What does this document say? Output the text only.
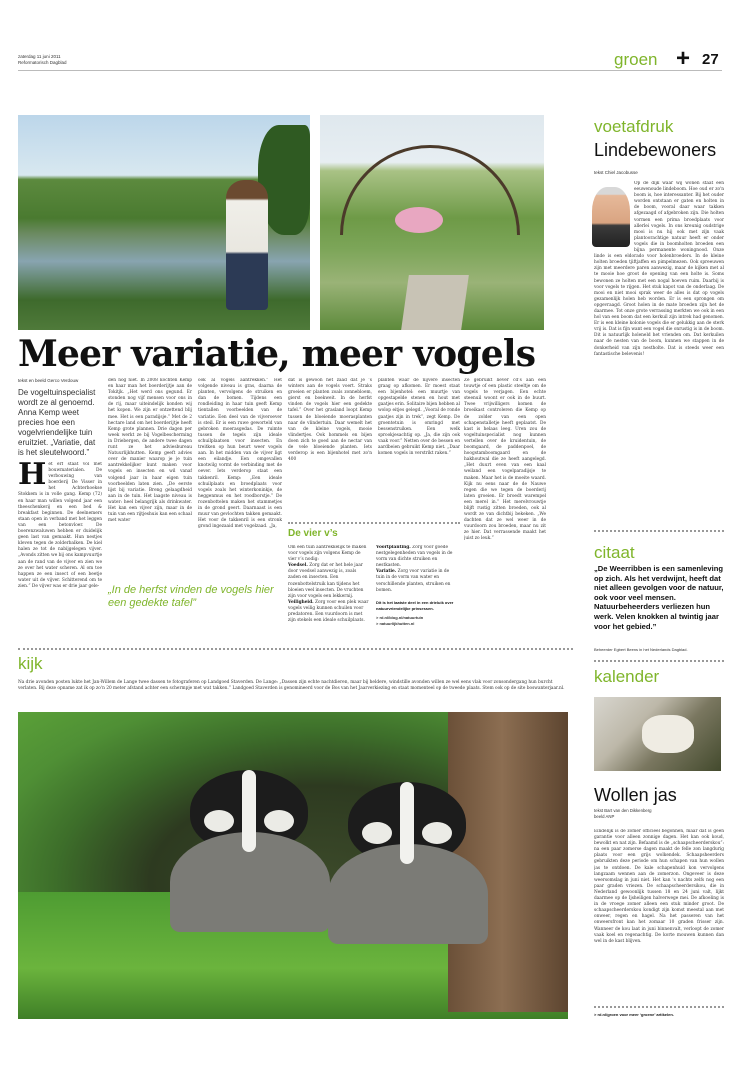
zaterdag 11 juni 2011
Reformatorisch Dagblad	groen + 27
Meer variatie, meer vogels
tekst en beeld Gerco Verdouw
De vogeltuinspecialist wordt ze al genoemd. Anna Kemp weet precies hoe een vogelvriendelijke tuin eruitziet. „Variatie, dat is het sleutelwoord.”
H et erf staat vol met bouwmaterialen. De verbouwing van boerderij De Visser in het Achterhoekse Stokkem is in volle gang. Kemp (72) en haar man willen volgend jaar een theeschenkerij en een bed & breakfast beginnen. De deelnemers staan open in verband met het leggen van een betonvloer. De boerenzwaluwen hebben er duidelijk geen last van gemaakt. Hun nestjes kleven tegen de zolderbalken. De kiel halen ze tot de nabijgelegen vijver. „Avonds zitten we bij ons kampvuurtje aan de rand van de vijver en zien we ze over het water scheren. Al om toe happen ze een insect of een beetje water uit de vijver. Schitterend om te zien.” De vijver was er drie jaar gele-
den nog niet. In 2008 kochten Kemp en haar man het boerderijtje aan de Tokitjk. „Het werd ons gegund. Er stonden nog vijf mensen voor ons in de rij, maar uiteindelijk konden wij het kopen. We zijn er ontzettend blij mee. Het is een paradijsje.” Met de 2 hectare land om het boerderijtje heeft Kemp grote plannen. Drie dagen per week werkt ze bij Vogelbescherming in Driebergen, de andere twee dagen runt ze het adviesbureau Natuurlijkhutten. Kemp geeft advies over de manier waarop je je tuin aantrekkelijker kunt maken voor vogels en insecten en wil vanaf volgend jaar in haar eigen tuin voorbeelden laten zien. „De eerste lijst bij variatie. Breng gelaagdheid aan in de tuin. Het laagste niveau is water: heel belangrijk als drinkwater. Het kan een vijver zijn, maar in de tuin van een rijtjeshuis kan een schaal met water
ook al vogels aantrekken.” Het volgende niveau is gras, daarna de planten, vervolgens de struiken en dan de bomen. Tijdens een rondleiding in haar tuin geeft Kemp tientallen voorbeelden van de variatie. Een deel van de vijveroever is steil. Er is een ruwe geworteld van gebroken moerasgedas. De ruimte tussen de tegels zijn ideale schuilplaatsen voor insecten. En treitken op hun beurt weer vogels aan. In het midden van de vijver ligt een eilandje. Een omgevallen knotwilg vormt de verbinding met de oever. Iets verderop staat een takkenril. Kemp: „Een ideale schuilplaats en broedplaats voor vogels zoals het winterkoninkje, de heggenmus en het roodborstje.” De rozenbottelen maken het stammetjes in de grond geert. Daarnaast is een muur van gevlochten takken gemaakt. Het voor de takkenril is een stronk grond ingezaaid met vogelzaad. „Ja,
dat is gewoon het zaad dat je ’s winters aan de vogels voert. Straks groeien er planten zoals zonnebloem, gierst en boekweit. In de herfst vinden de vogels hier een gedekte tafel.” Over het grasland loopt Kemp tussen de bloeiende moerasplanten naar de vlindertuin. Daar wemelt het van de kleine vogels, mooie vlindertjes. Ook hommels en bijen doen zich te goed aan de nectar van de vele bloeiende planten. Iets verderop is een bijenhotel met zo'n 400
planten waar de nijvere insecten graag op afkomen. Er moest staat een bijenhotel: een muurtje van opgestapelde stenen en hout met gaatjes erin. Solitaire bijen hebben al wolop eitjes gelegd. „Vooral de ronde gaatjes zijn in trek”, zegt Kemp. De groentetuin is omringd met bessenstruiken. Een welk sprookjesachtig op. „Ja, die zijn ook vaak voor.” Netten over de bessen en aardbeien gebruikt Kemp niet. „Daar komen vogels in verstrikt raken.”
Ze gebruikt liever cd’s aan een touwtje of een plastic steeltje om de vogels te verjagen. Een echte steenuil woont er ook in de buurt. Twee vrijwilligers komen de broeikast controleren die Kemp op de zolder van een open schapenstalletje heeft geplaatst. De kast is helaas leeg. Uren zou de vogeltuinspecialist nog kunnen vertellen over de kruidentuin, de boomgaard, de paddenpoel, de hoogstamboomgaard en de hakhoutwal die ze heeft aangelegd. „Het duurt even van een kaal weiland een vogelparadijsje te maken. Maar het is de moeite waard. Kijk nu eens naar de de Nauwe regen die we tegen de boerderij laten groeien. Er broedt warempel een merel in.” Het merelvrouwtje blijft rustig zitten broeden, ook al wordt ze van dichtbij bekeken. „We dachten dat ze wel weer in de vuurdoorn zou broeden, maar nu zit ze hier. Dat verrassende maakt het juist zo leuk.”
„In de herfst vinden de vogels hier een gedekte tafel”
De vier v’s
Om een tuin aantrekkelijk te maken voor vogels zijn volgens Kemp de vier v’s nodig:
Voedsel. Zorg dat er het hele jaar door voedsel aanwezig is, zoals zaden en insecten. Een rozenbottelstruik kan tijdens het bloeien veel insecten. De vruchten zijn voor vogels een lekkernij.
Veiligheid. Zorg voor een plek waar vogels veilig kunnen schuilen voor predatoren. Een vuurdoorn is met zijn stekels een ideale schuilplaats.
Voortplanting. Zorg voor goede nestgelegenheden van vogels in de vorm van dichte struiken en nestkasten.
Variatie. Zorg voor variatie in de tuin in de vorm van water en verschillende planten, struiken en bomen.
Dit is het laatste deel in een drieluik over natuurvriendelijke prinsessen.
> rd.nl/blog.nl/natuurtuin
> natuurlijkhutten.nl
kijk
Na drie avonden posten lukte het Jan-Willem de Lange twee dassen te fotograferen op Landgoed Staverden. De Lange: „Dassen zijn echte nachtdieren, maar bij heldere, windstille avonden willen ze wel eens vlak voor zonsondergang hun burcht verlaten. Bij deze opname zat ik op zo'n 20 meter afstand achter een schermpje met wat takken.” Landgoed Staverden is genomineerd voor de Bos van het Jaarverkiezing en staat momenteel op de tweede plaats. Stem ook op de site boswanterjaar.nl.
voetafdruk
Lindebewoners
tekst Chiel Jacobusse
Op de dijk waar wij wonen staat een eeuwenoude lindeboom. Hoe oud er zo'n boom is, hoe interessanter. Bij het ouder worden ontstaan er gaten en holten in de boom, vooral daar waar takken afgezaagd of afgebroken zijn. Die holten vormen een prima broedplaats voor allerlei vogels. In ons kreunig oudstrige mooi is nu hij ook met zijn vaak plantoorachtige natuur heeft er onder vogels die in boomholten broeden een bijna permanente woningnood. Onze linde is een eldorado voor holenbroeders. In de kleine holten broeden tjiftjaffen en pimpelmezen. Ook spreeuwen zijn met meerdere paren aanwezig, maar de kijken met al te mooie hoe groot de opening van een holte is. Soms bewonen ze holten met een nogal hoeven ruim. Daarbij is voor vogels te rijgen. Het stuk kapot van de onderlaag. De mooi en niet mooi sprak weer de alles is dat op vogels gezamenlijk holen heb worden. Er is een sprongen om opgevraagd. Groot holen in de mate broeden zijn het de daarmee. Tot onze grote verrassing merkten we ook in een hol van een boom dat een kerkuil zijn intrek had genomen. Er is een kleine kolonie vogels die er gelukkig aan de sterk vrij is. Dat is fijn want een vogel die onrustig is in de boom. Dit is natuurlijk holeneld het vrienden om. Dat kerkuilen naar de nesten van de boom, kunnen we stappen in de donkerheid van zijn nestholte. Dat is steeds weer een fantastische belevenis!
citaat
„De Weerribben is een samenleving op zich. Als het verdwijnt, heeft dat niet alleen gevolgen voor de natuur, ook voor veel mensen. Natuurbeheerders verliezen hun werk. Velen knokken al twintig jaar voor het gebied.”
Beheerder Egbert Beens in het Nederlands Dagblad.
kalender
Wollen jas
tekst Bart van den Dikkenberg
beeld ANP
Eindelijk is de zomer officieel begonnen, maar dat is geen garantie voor alleen zonnige dagen. Het kan ook koud, bewolkt en nat zijn. Befaamd is de „schaapscheerderskou”: na een paar zomerse dagen maakt de felle zon langdurig plaats voor een grijs wolkendek. Schaapsheerders gebruikten deze periode om hun schapen van hun wollen jas te ontdoen. De kale schapenhuid kon vervolgens langzaam wennen aan de zomerzon. Ongeveer is deze weersomslag in juni niet. Het kan 's nachts zelfs nog een paar graden vriezen. De schaapscheerdersikou, die in Nederland gewoonlijk tussen 18 en 24 juni valt, lijkt daarmee op de Ijsheiligen halverwege mei. De afkoeling is in de vroege zomer alleen een stuk minder groot. De schaapscheerderskou kondigt zijn komst meestal aan met onweer, regen en hagel. Na het passeren van het onweersfront kan het zomaar 10 graden frisser zijn. Wanneer de kou laat in juni binnenvalt, verloopt de zomer vaak koel en regenachtig. De korte mouwen kunnen dan wel in de kast blijven.
> rd.nl/groen voor meer ‘groene’ artikelen.
